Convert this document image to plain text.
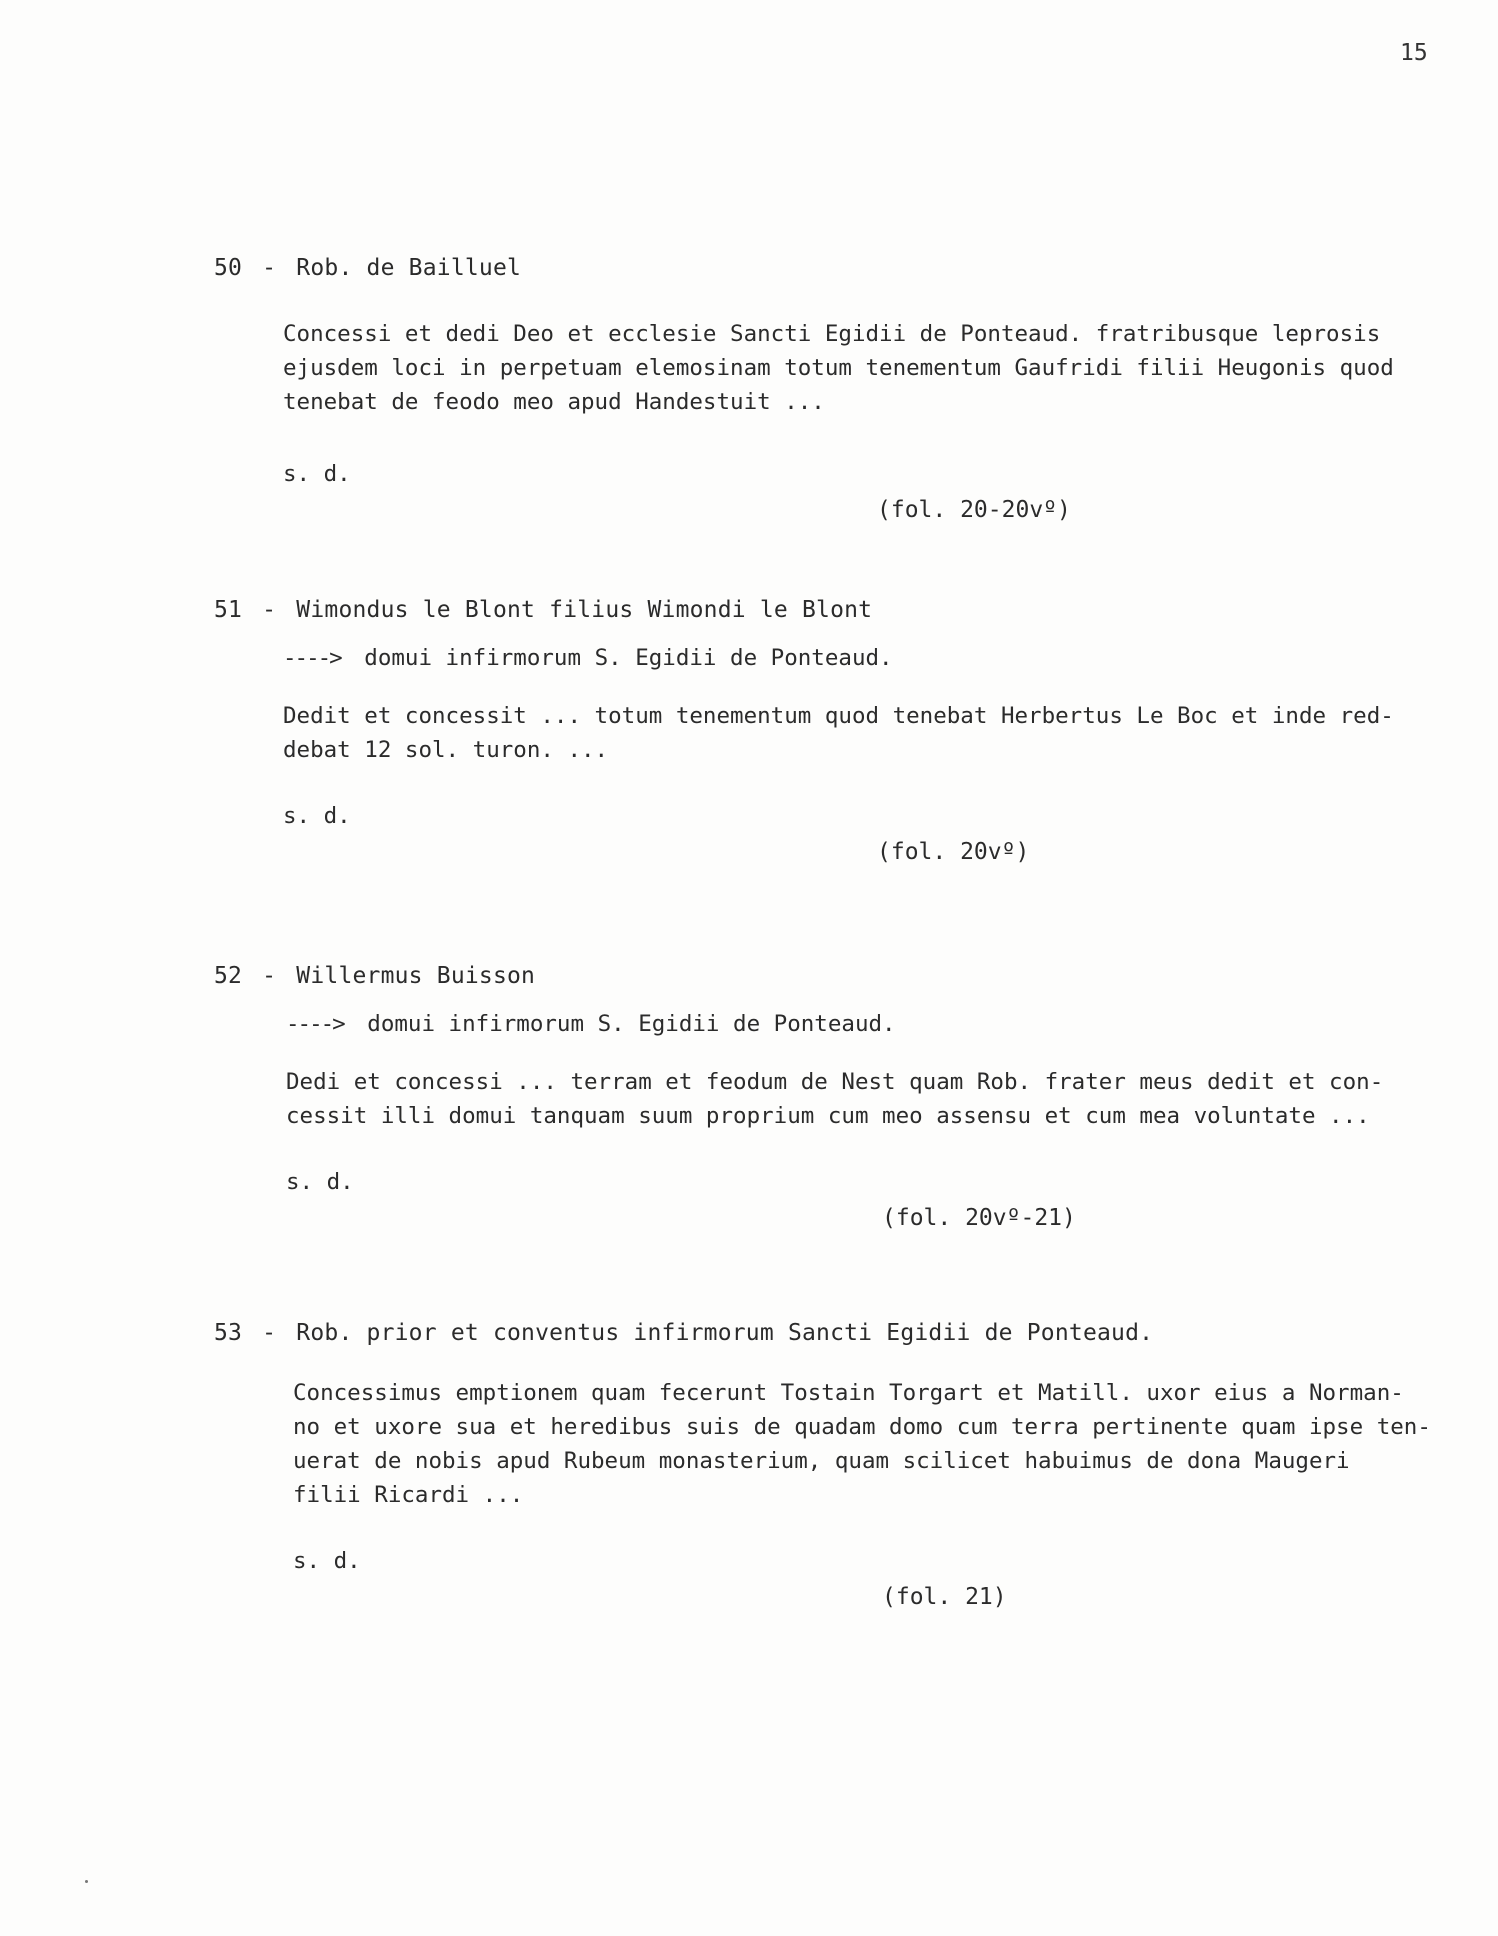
15
50 - Rob. de Bailluel
Concessi et dedi Deo et ecclesie Sancti Egidii de Ponteaud. fratribusque leprosis
ejusdem loci in perpetuam elemosinam totum tenementum Gaufridi filii Heugonis quod
tenebat de feodo meo apud Handestuit ...
s. d.
(fol. 20-20vº)
51 - Wimondus le Blont filius Wimondi le Blont
----> domui infirmorum S. Egidii de Ponteaud.
Dedit et concessit ... totum tenementum quod tenebat Herbertus Le Boc et inde red-
debat 12 sol. turon. ...
s. d.
(fol. 20vº)
52 - Willermus Buisson
----> domui infirmorum S. Egidii de Ponteaud.
Dedi et concessi ... terram et feodum de Nest quam Rob. frater meus dedit et con-
cessit illi domui tanquam suum proprium cum meo assensu et cum mea voluntate ...
s. d.
(fol. 20vº-21)
53 - Rob. prior et conventus infirmorum Sancti Egidii de Ponteaud.
Concessimus emptionem quam fecerunt Tostain Torgart et Matill. uxor eius a Norman-
no et uxore sua et heredibus suis de quadam domo cum terra pertinente quam ipse ten-
uerat de nobis apud Rubeum monasterium, quam scilicet habuimus de dona Maugeri
filii Ricardi ...
s. d.
(fol. 21)
